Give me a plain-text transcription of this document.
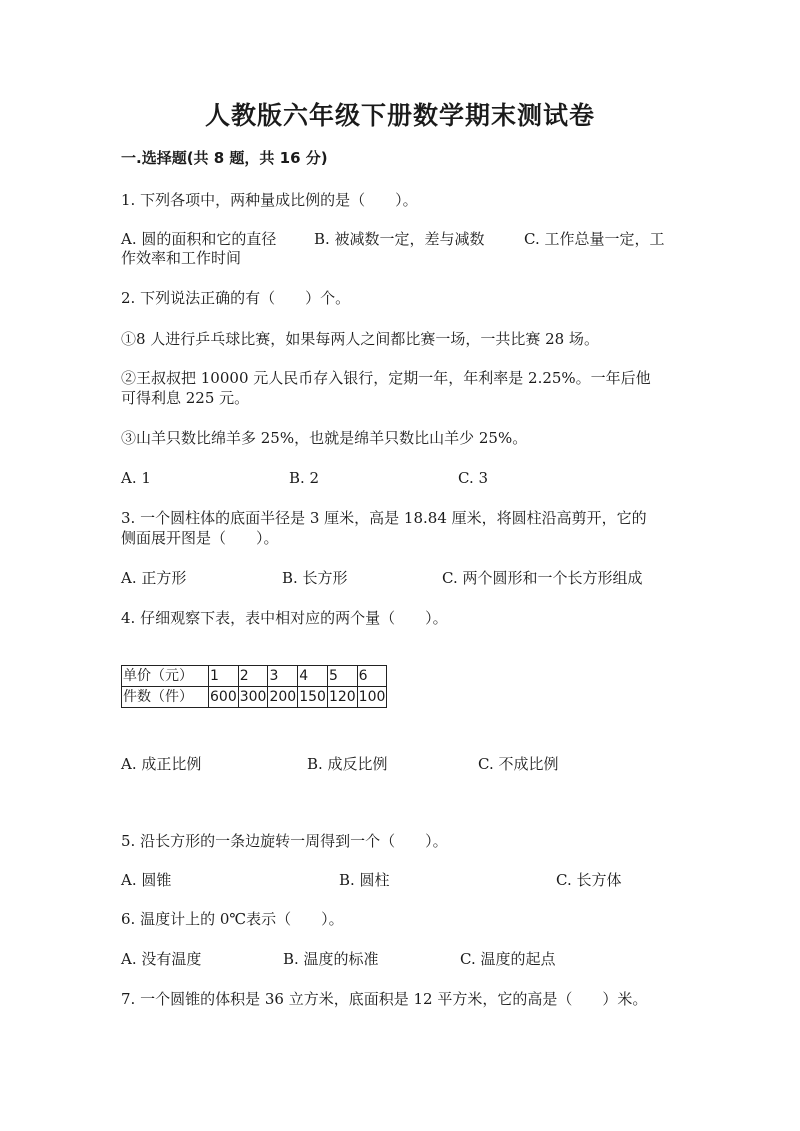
人教版六年级下册数学期末测试卷
一.选择题(共 8 题，共 16 分)
1. 下列各项中，两种量成比例的是（　　）。
A. 圆的面积和它的直径	B. 被减数一定，差与减数	C. 工作总量一定，工
作效率和工作时间
2. 下列说法正确的有（　　）个。
①8 人进行乒乓球比赛，如果每两人之间都比赛一场，一共比赛 28 场。
②王叔叔把 10000 元人民币存入银行，定期一年，年利率是 2.25%。一年后他
可得利息 225 元。
③山羊只数比绵羊多 25%，也就是绵羊只数比山羊少 25%。
A. 1	B. 2	C. 3
3. 一个圆柱体的底面半径是 3 厘米，高是 18.84 厘米，将圆柱沿高剪开，它的
侧面展开图是（　　）。
A. 正方形	B. 长方形	C. 两个圆形和一个长方形组成
4. 仔细观察下表，表中相对应的两个量（　　）。
单价（元）	1	2	3	4	5	6
件数（件）	600	300	200	150	120	100
A. 成正比例	B. 成反比例	C. 不成比例
5. 沿长方形的一条边旋转一周得到一个（　　）。
A. 圆锥	B. 圆柱	C. 长方体
6. 温度计上的 0℃表示（　　）。
A. 没有温度	B. 温度的标准	C. 温度的起点
7. 一个圆锥的体积是 36 立方米，底面积是 12 平方米，它的高是（　　）米。
